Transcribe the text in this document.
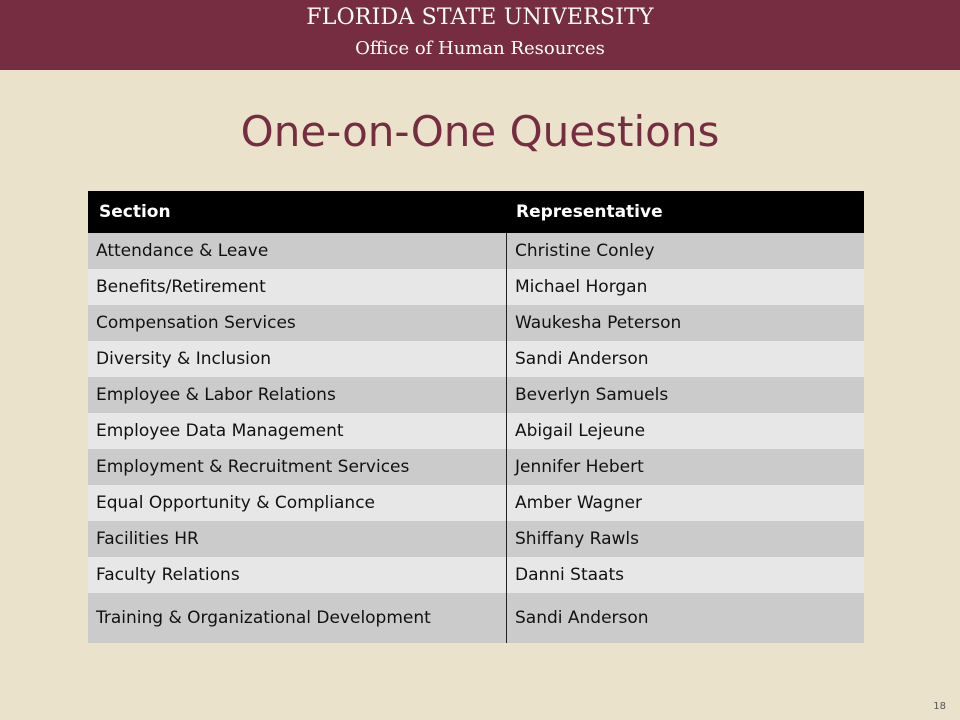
FLORIDA STATE UNIVERSITY
Office of Human Resources
One-on-One Questions
Section	Representative
Attendance & Leave	Christine Conley
Benefits/Retirement	Michael Horgan
Compensation Services	Waukesha Peterson
Diversity & Inclusion	Sandi Anderson
Employee & Labor Relations	Beverlyn Samuels
Employee Data Management	Abigail Lejeune
Employment & Recruitment Services	Jennifer Hebert
Equal Opportunity & Compliance	Amber Wagner
Facilities HR	Shiffany Rawls
Faculty Relations	Danni Staats
Training & Organizational Development	Sandi Anderson
18
